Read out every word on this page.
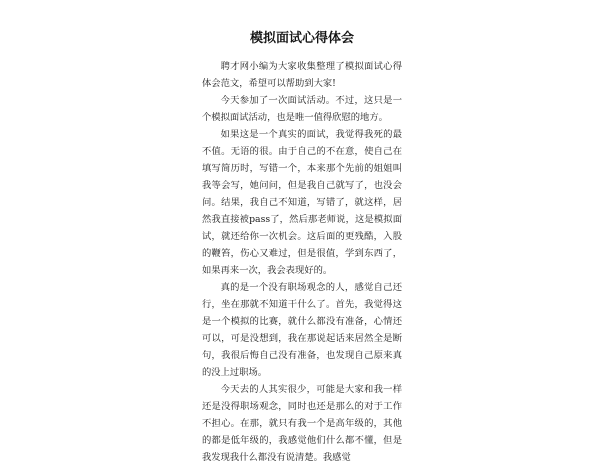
模拟面试心得体会

聘才网小编为大家收集整理了模拟面试心得体会范文，希望可以帮助到大家!

今天参加了一次面试活动。不过，这只是一个模拟面试活动，也是唯一值得欣慰的地方。

如果这是一个真实的面试，我觉得我死的最不值。无语的很。由于自己的不在意，使自己在填写简历时，写错一个，本来那个先前的姐姐叫我等会写，她问问，但是我自己就写了，也没会问。结果，我自己不知道，写错了，就这样，居然我直接被pass了，然后那老师说，这是模拟面试，就还给你一次机会。这后面的更残酷，入股的鞭笞，伤心又难过，但是很值，学到东西了，如果再来一次，我会表现好的。

真的是一个没有职场观念的人，感觉自己还行，坐在那就不知道干什么了。首先，我觉得这是一个模拟的比赛，就什么都没有准备，心情还可以，可是没想到，我在那说起话来居然全是断句，我很后悔自己没有准备，也发现自己原来真的没上过职场。

今天去的人其实很少，可能是大家和我一样还是没得职场观念，同时也还是那么的对于工作不担心。在那，就只有我一个是高年级的，其他的都是低年级的，我感觉他们什么都不懂，但是我发现我什么都没有说清楚。我感觉
